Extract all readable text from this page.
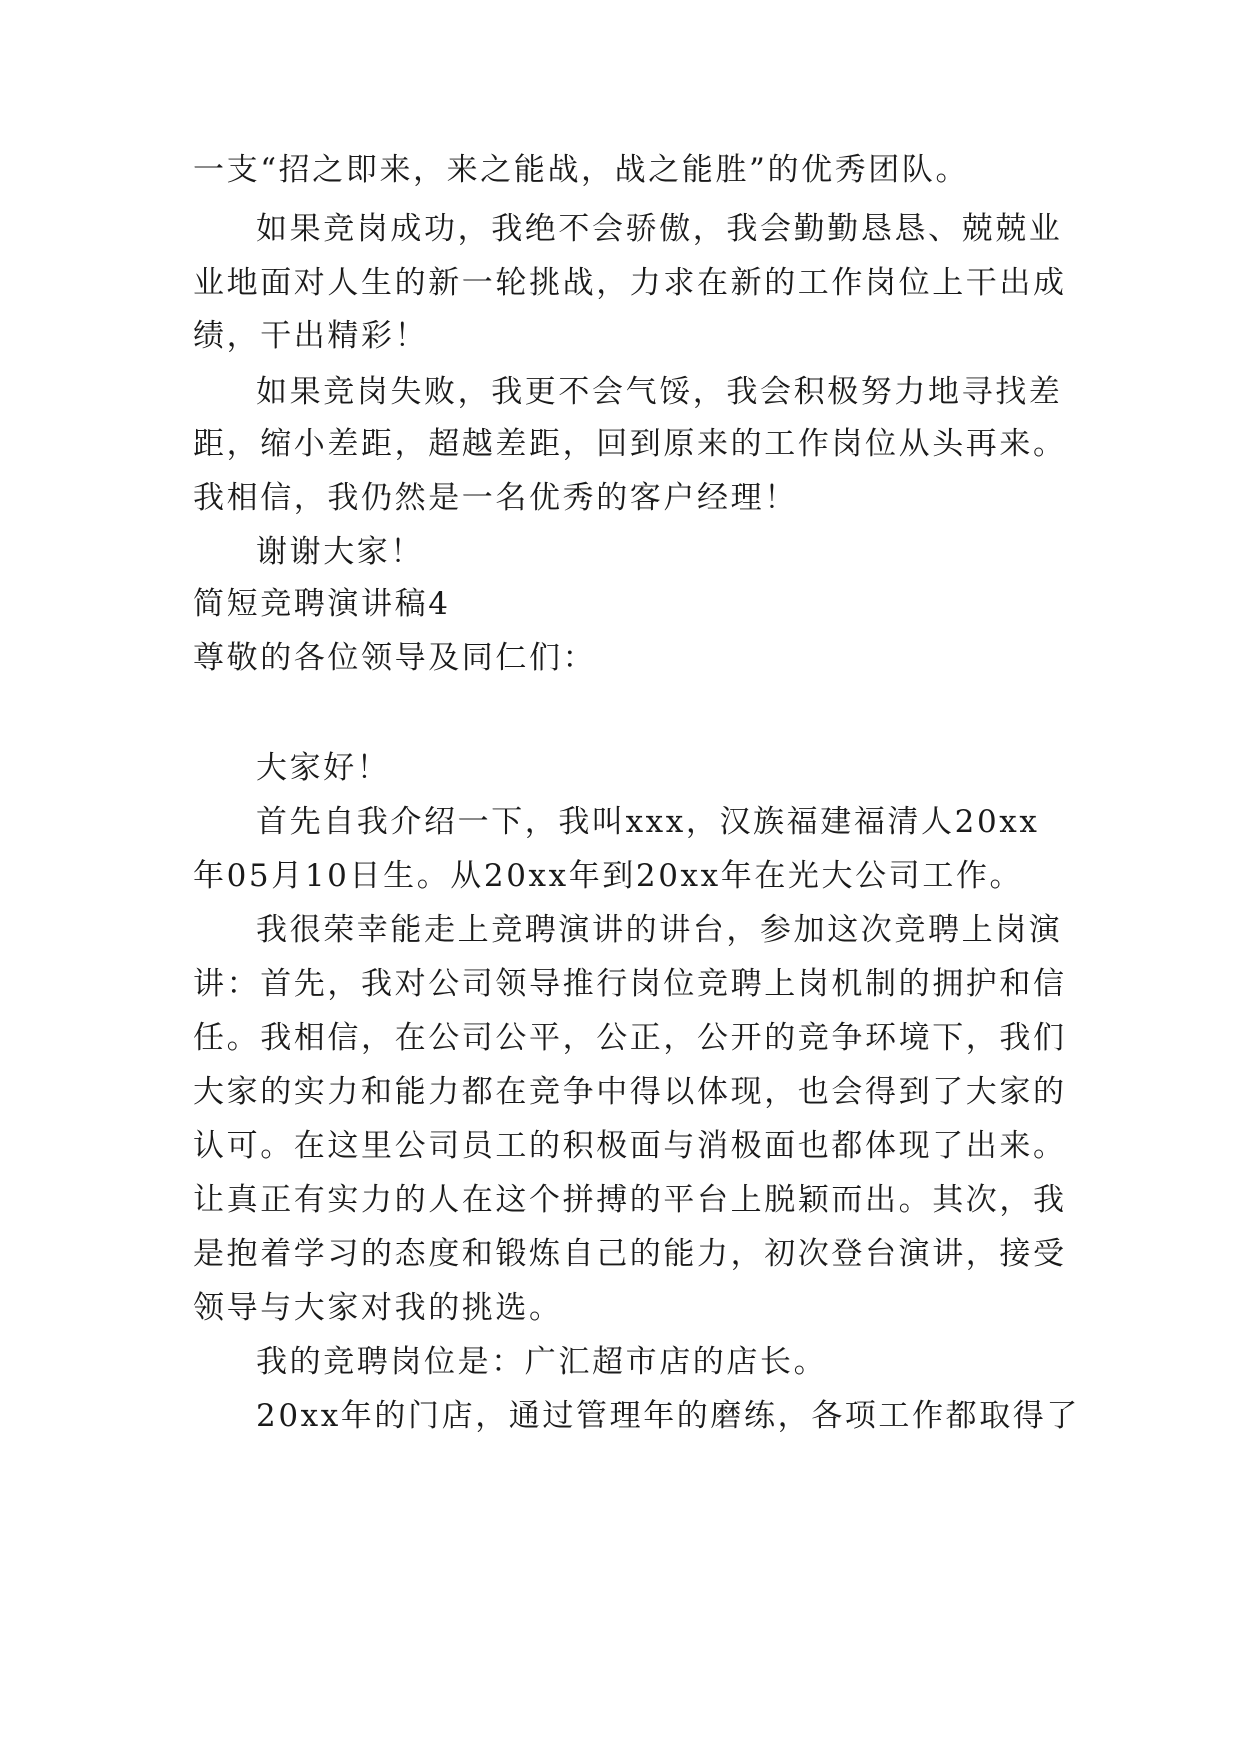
一支“招之即来，来之能战，战之能胜”的优秀团队。

如果竞岗成功，我绝不会骄傲，我会勤勤恳恳、兢兢业

业地面对人生的新一轮挑战，力求在新的工作岗位上干出成

绩，干出精彩！

如果竞岗失败，我更不会气馁，我会积极努力地寻找差

距，缩小差距，超越差距，回到原来的工作岗位从头再来。

我相信，我仍然是一名优秀的客户经理！

谢谢大家！

简短竞聘演讲稿4

尊敬的各位领导及同仁们：

大家好！

首先自我介绍一下，我叫xxx，汉族福建福清人20xx

年05月10日生。从20xx年到20xx年在光大公司工作。

我很荣幸能走上竞聘演讲的讲台，参加这次竞聘上岗演

讲：首先，我对公司领导推行岗位竞聘上岗机制的拥护和信

任。我相信，在公司公平，公正，公开的竞争环境下，我们

大家的实力和能力都在竞争中得以体现，也会得到了大家的

认可。在这里公司员工的积极面与消极面也都体现了出来。

让真正有实力的人在这个拼搏的平台上脱颖而出。其次，我

是抱着学习的态度和锻炼自己的能力，初次登台演讲，接受

领导与大家对我的挑选。

我的竞聘岗位是：广汇超市店的店长。

20xx年的门店，通过管理年的磨练，各项工作都取得了
